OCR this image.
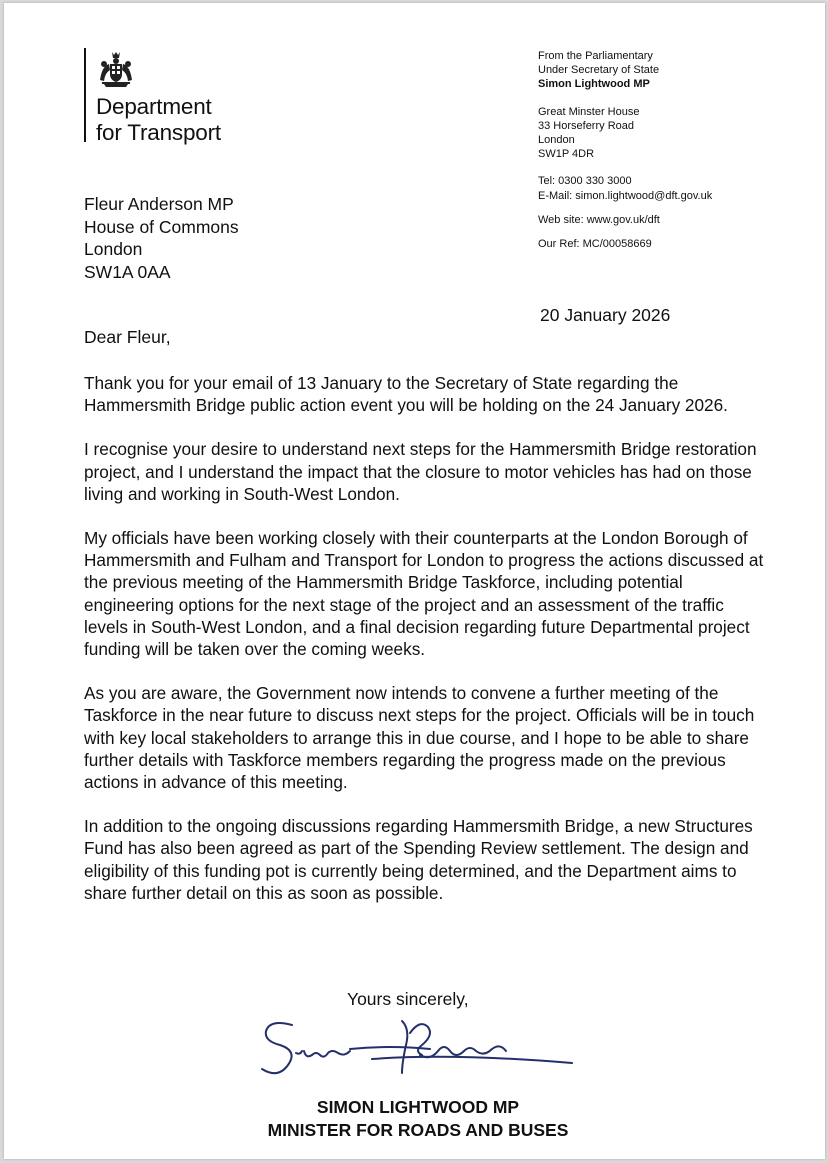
Department
for Transport
From the Parliamentary
Under Secretary of State
Simon Lightwood MP
Great Minster House
33 Horseferry Road
London
SW1P 4DR
Tel: 0300 330 3000
E-Mail: simon.lightwood@dft.gov.uk
Web site: www.gov.uk/dft
Our Ref: MC/00058669
Fleur Anderson MP
House of Commons
London
SW1A 0AA
20 January 2026
Dear Fleur,

Thank you for your email of 13 January to the Secretary of State regarding the Hammersmith Bridge public action event you will be holding on the 24 January 2026.

I recognise your desire to understand next steps for the Hammersmith Bridge restoration project, and I understand the impact that the closure to motor vehicles has had on those living and working in South-West London.

My officials have been working closely with their counterparts at the London Borough of Hammersmith and Fulham and Transport for London to progress the actions discussed at the previous meeting of the Hammersmith Bridge Taskforce, including potential engineering options for the next stage of the project and an assessment of the traffic levels in South-West London, and a final decision regarding future Departmental project funding will be taken over the coming weeks.

As you are aware, the Government now intends to convene a further meeting of the Taskforce in the near future to discuss next steps for the project. Officials will be in touch with key local stakeholders to arrange this in due course, and I hope to be able to share further details with Taskforce members regarding the progress made on the previous actions in advance of this meeting.

In addition to the ongoing discussions regarding Hammersmith Bridge, a new Structures Fund has also been agreed as part of the Spending Review settlement. The design and eligibility of this funding pot is currently being determined, and the Department aims to share further detail on this as soon as possible.

Yours sincerely,
SIMON LIGHTWOOD MP
MINISTER FOR ROADS AND BUSES
